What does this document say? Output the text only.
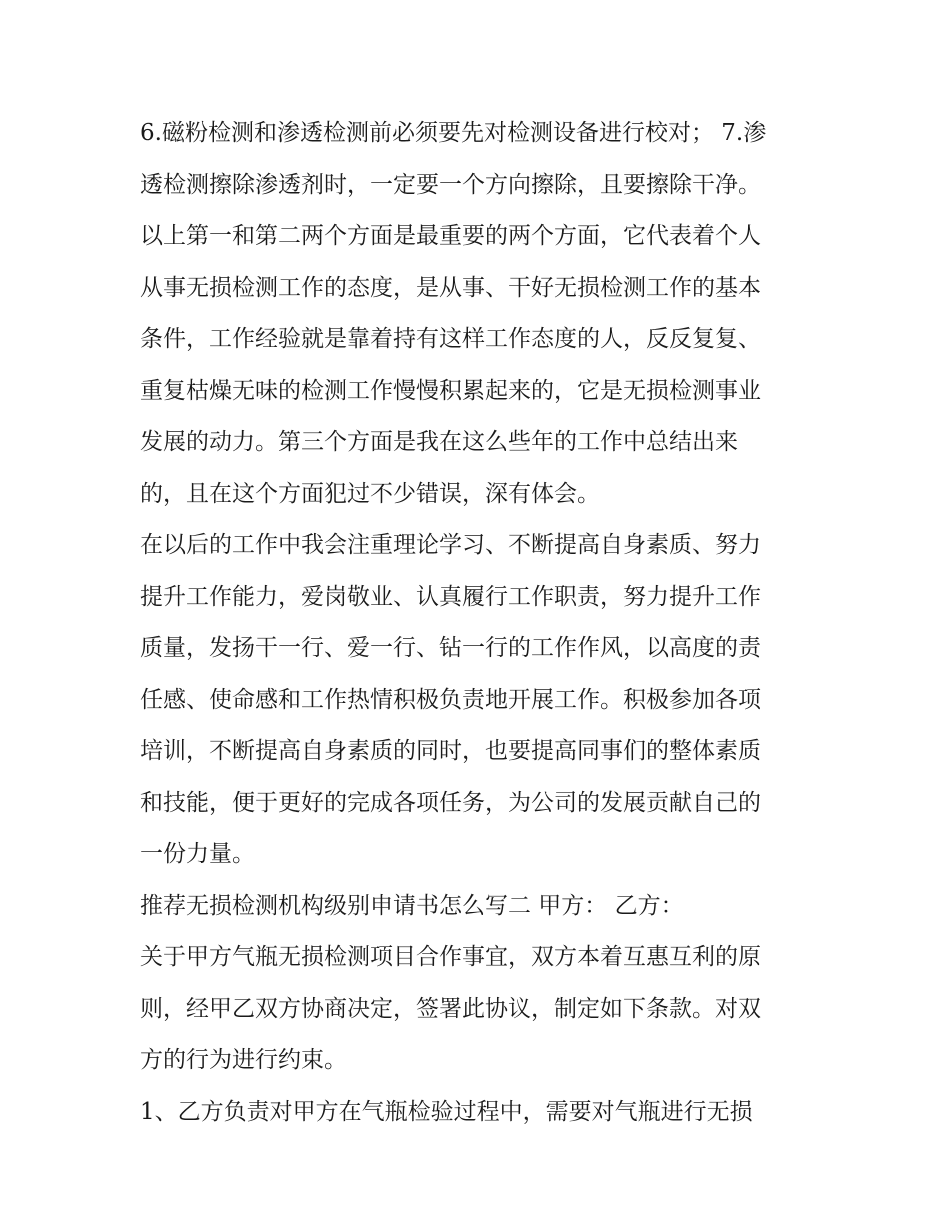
6.磁粉检测和渗透检测前必须要先对检测设备进行校对； 7.渗
透检测擦除渗透剂时，一定要一个方向擦除，且要擦除干净。
以上第一和第二两个方面是最重要的两个方面，它代表着个人
从事无损检测工作的态度，是从事、干好无损检测工作的基本
条件，工作经验就是靠着持有这样工作态度的人，反反复复、
重复枯燥无味的检测工作慢慢积累起来的，它是无损检测事业
发展的动力。第三个方面是我在这么些年的工作中总结出来
的，且在这个方面犯过不少错误，深有体会。
在以后的工作中我会注重理论学习、不断提高自身素质、努力
提升工作能力，爱岗敬业、认真履行工作职责，努力提升工作
质量，发扬干一行、爱一行、钻一行的工作作风，以高度的责
任感、使命感和工作热情积极负责地开展工作。积极参加各项
培训，不断提高自身素质的同时，也要提高同事们的整体素质
和技能，便于更好的完成各项任务，为公司的发展贡献自己的
一份力量。
推荐无损检测机构级别申请书怎么写二 甲方： 乙方：
关于甲方气瓶无损检测项目合作事宜，双方本着互惠互利的原
则，经甲乙双方协商决定，签署此协议，制定如下条款。对双
方的行为进行约束。
1、乙方负责对甲方在气瓶检验过程中，需要对气瓶进行无损
